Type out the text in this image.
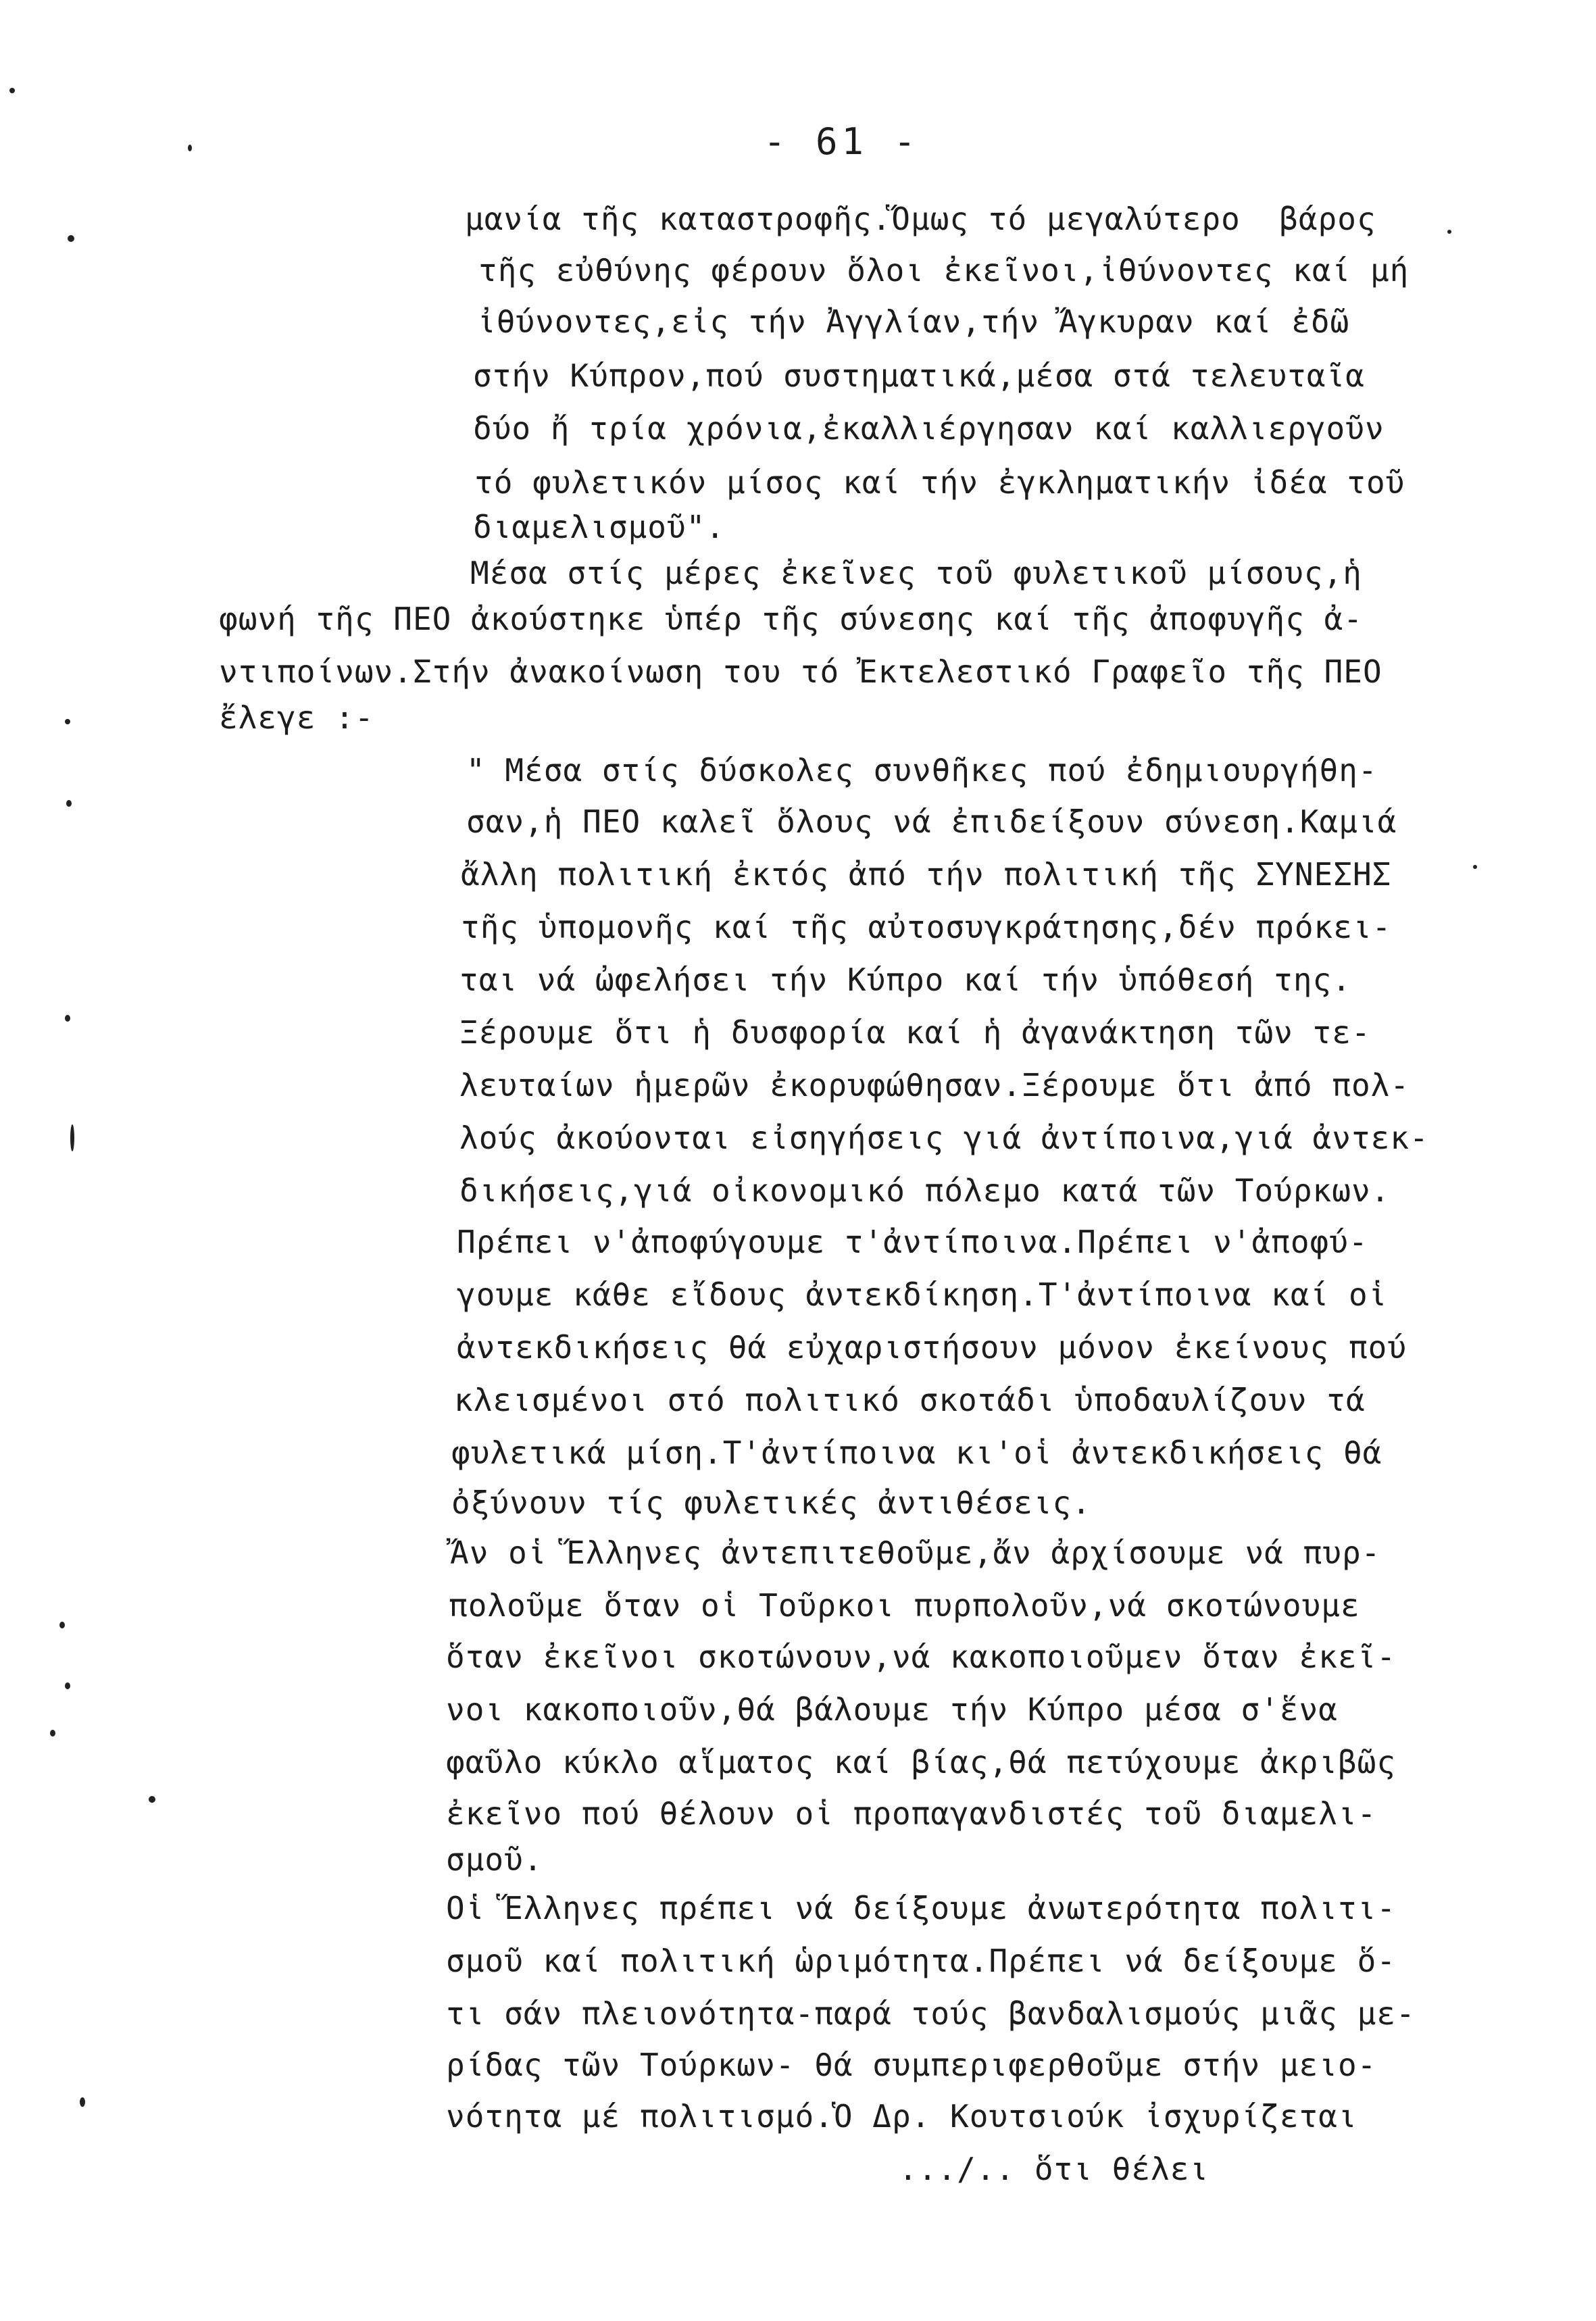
- 61 -
μανία τῆς καταστροφῆς.Ὅμως τό μεγαλύτερο  βάρος
τῆς εὐθύνης φέρουν ὅλοι ἐκεῖνοι,ἰθύνοντες καί μή
ἰθύνοντες,εἰς τήν Ἀγγλίαν,τήν Ἄγκυραν καί ἐδῶ
στήν Κύπρον,πού συστηματικά,μέσα στά τελευταῖα
δύο ἤ τρία χρόνια,ἐκαλλιέργησαν καί καλλιεργοῦν
τό φυλετικόν μίσος καί τήν ἐγκληματικήν ἰδέα τοῦ
διαμελισμοῦ".
Μέσα στίς μέρες ἐκεῖνες τοῦ φυλετικοῦ μίσους,ἡ
φωνή τῆς ΠΕΟ ἀκούστηκε ὑπέρ τῆς σύνεσης καί τῆς ἀποφυγῆς ἀ-
ντιποίνων.Στήν ἀνακοίνωση του τό Ἐκτελεστικό Γραφεῖο τῆς ΠΕΟ
ἔλεγε :-
" Μέσα στίς δύσκολες συνθῆκες πού ἐδημιουργήθη-
σαν,ἡ ΠΕΟ καλεῖ ὅλους νά ἐπιδείξουν σύνεση.Καμιά
ἄλλη πολιτική ἐκτός ἀπό τήν πολιτική τῆς ΣΥΝΕΣΗΣ
τῆς ὑπομονῆς καί τῆς αὐτοσυγκράτησης,δέν πρόκει-
ται νά ὠφελήσει τήν Κύπρο καί τήν ὑπόθεσή της.
Ξέρουμε ὅτι ἡ δυσφορία καί ἡ ἀγανάκτηση τῶν τε-
λευταίων ἡμερῶν ἐκορυφώθησαν.Ξέρουμε ὅτι ἀπό πολ-
λούς ἀκούονται εἰσηγήσεις γιά ἀντίποινα,γιά ἀντεκ-
δικήσεις,γιά οἰκονομικό πόλεμο κατά τῶν Τούρκων.
Πρέπει ν'ἀποφύγουμε τ'ἀντίποινα.Πρέπει ν'ἀποφύ-
γουμε κάθε εἴδους ἀντεκδίκηση.Τ'ἀντίποινα καί οἱ
ἀντεκδικήσεις θά εὐχαριστήσουν μόνον ἐκείνους πού
κλεισμένοι στό πολιτικό σκοτάδι ὑποδαυλίζουν τά
φυλετικά μίση.Τ'ἀντίποινα κι'οἱ ἀντεκδικήσεις θά
ὀξύνουν τίς φυλετικές ἀντιθέσεις.
Ἄν οἱ Ἕλληνες ἀντεπιτεθοῦμε,ἄν ἀρχίσουμε νά πυρ-
πολοῦμε ὅταν οἱ Τοῦρκοι πυρπολοῦν,νά σκοτώνουμε
ὅταν ἐκεῖνοι σκοτώνουν,νά κακοποιοῦμεν ὅταν ἐκεῖ-
νοι κακοποιοῦν,θά βάλουμε τήν Κύπρο μέσα σ'ἕνα
φαῦλο κύκλο αἵματος καί βίας,θά πετύχουμε ἀκριβῶς
ἐκεῖνο πού θέλουν οἱ προπαγανδιστές τοῦ διαμελι-
σμοῦ.
Οἱ Ἕλληνες πρέπει νά δείξουμε ἀνωτερότητα πολιτι-
σμοῦ καί πολιτική ὡριμότητα.Πρέπει νά δείξουμε ὅ-
τι σάν πλειονότητα-παρά τούς βανδαλισμούς μιᾶς με-
ρίδας τῶν Τούρκων- θά συμπεριφερθοῦμε στήν μειο-
νότητα μέ πολιτισμό.Ὁ Δρ. Κουτσιούκ ἰσχυρίζεται
.../.. ὅτι θέλει
